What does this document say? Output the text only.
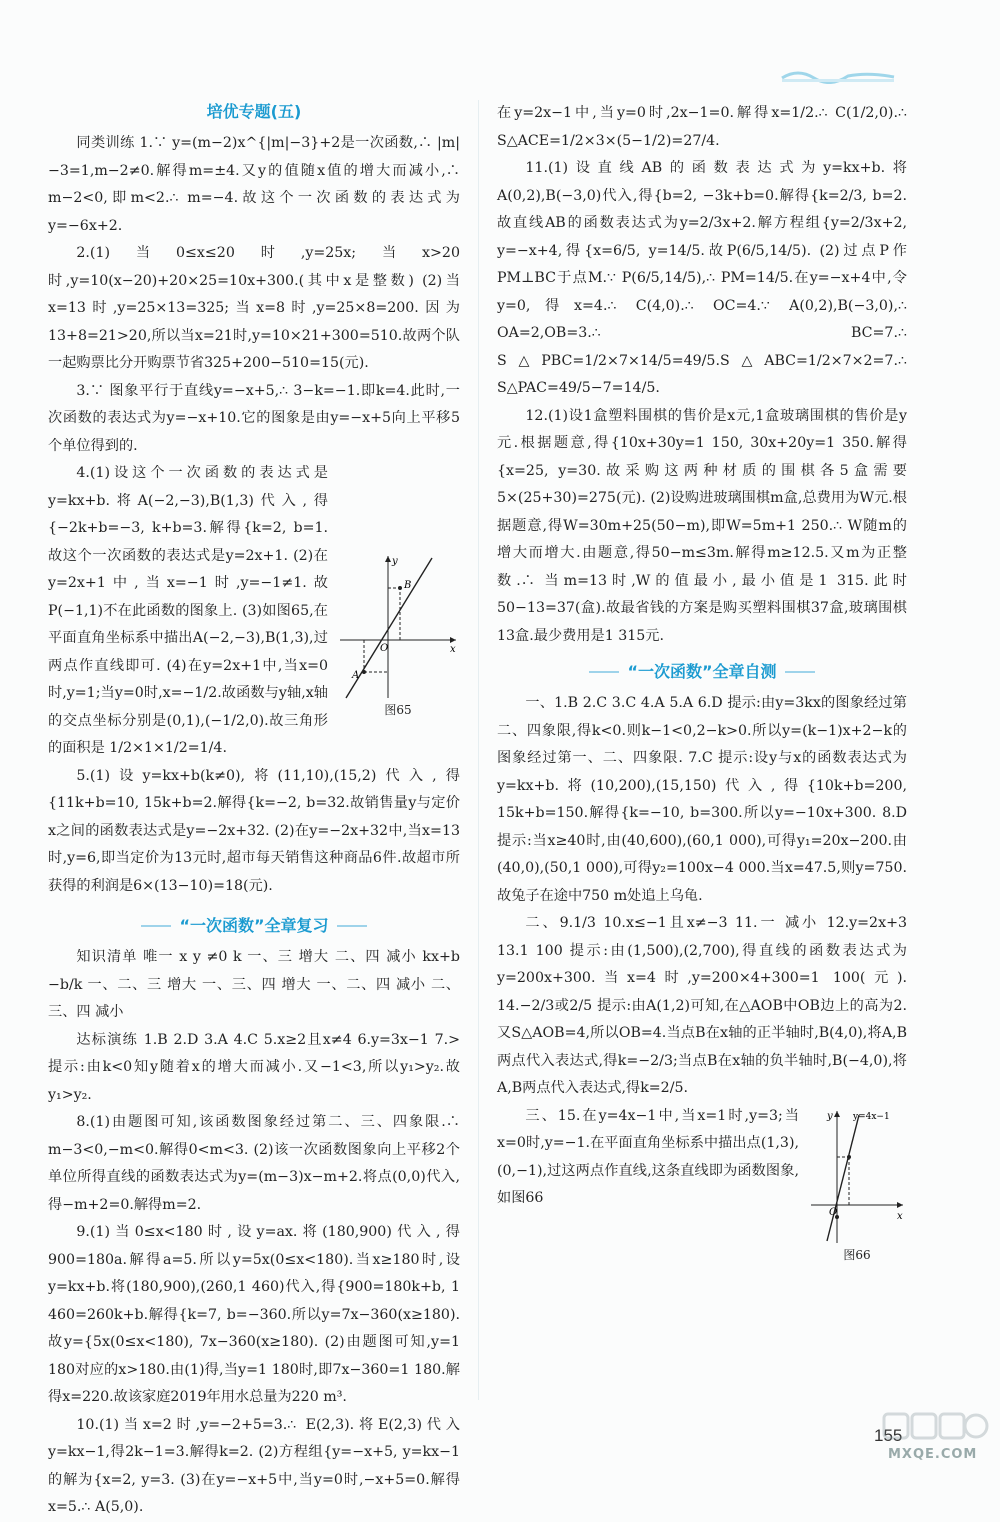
培优专题(五)

同类训练 1.∵ y=(m−2)x^{|m|−3}+2是一次函数,∴ |m|−3=1,m−2≠0.解得m=±4.又y的值随x值的增大而减小,∴ m−2<0,即m<2.∴ m=−4.故这个一次函数的表达式为y=−6x+2.

2.(1)当0≤x≤20时,y=25x;当x>20时,y=10(x−20)+20×25=10x+300.(其中x是整数) (2)当x=13时,y=25×13=325;当x=8时,y=25×8=200.因为13+8=21>20,所以当x=21时,y=10×21+300=510.故两个队一起购票比分开购票节省325+200−510=15(元).

3.∵ 图象平行于直线y=−x+5,∴ 3−k=−1.即k=4.此时,一次函数的表达式为y=−x+10.它的图象是由y=−x+5向上平移5个单位得到的.

y
x
B
A
O
图65

4.(1)设这个一次函数的表达式是y=kx+b.将A(−2,−3),B(1,3)代入,得{−2k+b=−3, k+b=3.解得{k=2, b=1.故这个一次函数的表达式是y=2x+1. (2)在y=2x+1中,当x=−1时,y=−1≠1.故P(−1,1)不在此函数的图象上. (3)如图65,在平面直角坐标系中描出A(−2,−3),B(1,3),过两点作直线即可. (4)在y=2x+1中,当x=0时,y=1;当y=0时,x=−1/2.故函数与y轴,x轴的交点坐标分别是(0,1),(−1/2,0).故三角形的面积是 1/2×1×1/2=1/4.

5.(1)设y=kx+b(k≠0),将(11,10),(15,2)代入,得{11k+b=10, 15k+b=2.解得{k=−2, b=32.故销售量y与定价x之间的函数表达式是y=−2x+32. (2)在y=−2x+32中,当x=13时,y=6,即当定价为13元时,超市每天销售这种商品6件.故超市所获得的利润是6×(13−10)=18(元).

“一次函数”全章复习

知识清单 唯一 x y ≠0 k 一、三 增大 二、四 减小 kx+b −b/k 一、二、三 增大 一、三、四 增大 一、二、四 减小 二、三、四 减小

达标演练 1.B 2.D 3.A 4.C 5.x≥2且x≠4 6.y=3x−1 7.> 提示:由k<0知y随着x的增大而减小.又−1<3,所以y₁>y₂.故y₁>y₂.

8.(1)由题图可知,该函数图象经过第二、三、四象限.∴ m−3<0,−m<0.解得0<m<3. (2)该一次函数图象向上平移2个单位所得直线的函数表达式为y=(m−3)x−m+2.将点(0,0)代入,得−m+2=0.解得m=2.

9.(1)当0≤x<180时,设y=ax.将(180,900)代入,得900=180a.解得a=5.所以y=5x(0≤x<180).当x≥180时,设y=kx+b.将(180,900),(260,1 460)代入,得{900=180k+b, 1 460=260k+b.解得{k=7, b=−360.所以y=7x−360(x≥180).故y={5x(0≤x<180), 7x−360(x≥180). (2)由题图可知,y=1 180对应的x>180.由(1)得,当y=1 180时,即7x−360=1 180.解得x=220.故该家庭2019年用水总量为220 m³.

10.(1)当x=2时,y=−2+5=3.∴ E(2,3).将E(2,3)代入y=kx−1,得2k−1=3.解得k=2. (2)方程组{y=−x+5, y=kx−1的解为{x=2, y=3. (3)在y=−x+5中,当y=0时,−x+5=0.解得x=5.∴ A(5,0).

在y=2x−1中,当y=0时,2x−1=0.解得x=1/2.∴ C(1/2,0).∴ S△ACE=1/2×3×(5−1/2)=27/4.

11.(1)设直线AB的函数表达式为y=kx+b.将A(0,2),B(−3,0)代入,得{b=2, −3k+b=0.解得{k=2/3, b=2.故直线AB的函数表达式为y=2/3x+2.解方程组{y=2/3x+2, y=−x+4,得{x=6/5, y=14/5.故P(6/5,14/5). (2)过点P作PM⊥BC于点M.∵ P(6/5,14/5),∴ PM=14/5.在y=−x+4中,令y=0,得x=4.∴ C(4,0).∴ OC=4.∵ A(0,2),B(−3,0),∴ OA=2,OB=3.∴ BC=7.∴ S△PBC=1/2×7×14/5=49/5.S△ABC=1/2×7×2=7.∴ S△PAC=49/5−7=14/5.

12.(1)设1盒塑料围棋的售价是x元,1盒玻璃围棋的售价是y元.根据题意,得{10x+30y=1 150, 30x+20y=1 350.解得{x=25, y=30.故采购这两种材质的围棋各5盒需要5×(25+30)=275(元). (2)设购进玻璃围棋m盒,总费用为W元.根据题意,得W=30m+25(50−m),即W=5m+1 250.∴ W随m的增大而增大.由题意,得50−m≤3m.解得m≥12.5.又m为正整数.∴ 当m=13时,W的值最小,最小值是1 315.此时50−13=37(盒).故最省钱的方案是购买塑料围棋37盒,玻璃围棋13盒.最少费用是1 315元.

“一次函数”全章自测

一、1.B 2.C 3.C 4.A 5.A 6.D 提示:由y=3kx的图象经过第二、四象限,得k<0.则k−1<0,2−k>0.所以y=(k−1)x+2−k的图象经过第一、二、四象限. 7.C 提示:设y与x的函数表达式为y=kx+b.将(10,200),(15,150)代入,得{10k+b=200, 15k+b=150.解得{k=−10, b=300.所以y=−10x+300. 8.D 提示:当x≥40时,由(40,600),(60,1 000),可得y₁=20x−200.由(40,0),(50,1 000),可得y₂=100x−4 000.当x=47.5,则y=750.故兔子在途中750 m处追上乌龟.

二、9.1/3 10.x≤−1且x≠−3 11.一 减小 12.y=2x+3 13.1 100 提示:由(1,500),(2,700),得直线的函数表达式为y=200x+300.当x=4时,y=200×4+300=1 100(元). 14.−2/3或2/5 提示:由A(1,2)可知,在△AOB中OB边上的高为2.又S△AOB=4,所以OB=4.当点B在x轴的正半轴时,B(4,0),将A,B两点代入表达式,得k=−2/3;当点B在x轴的负半轴时,B(−4,0),将A,B两点代入表达式,得k=2/5.

y
x
O
y=4x−1
图66

三、15.在y=4x−1中,当x=1时,y=3;当x=0时,y=−1.在平面直角坐标系中描出点(1,3),(0,−1),过这两点作直线,这条直线即为函数图象,如图66

155
MXQE.COM
